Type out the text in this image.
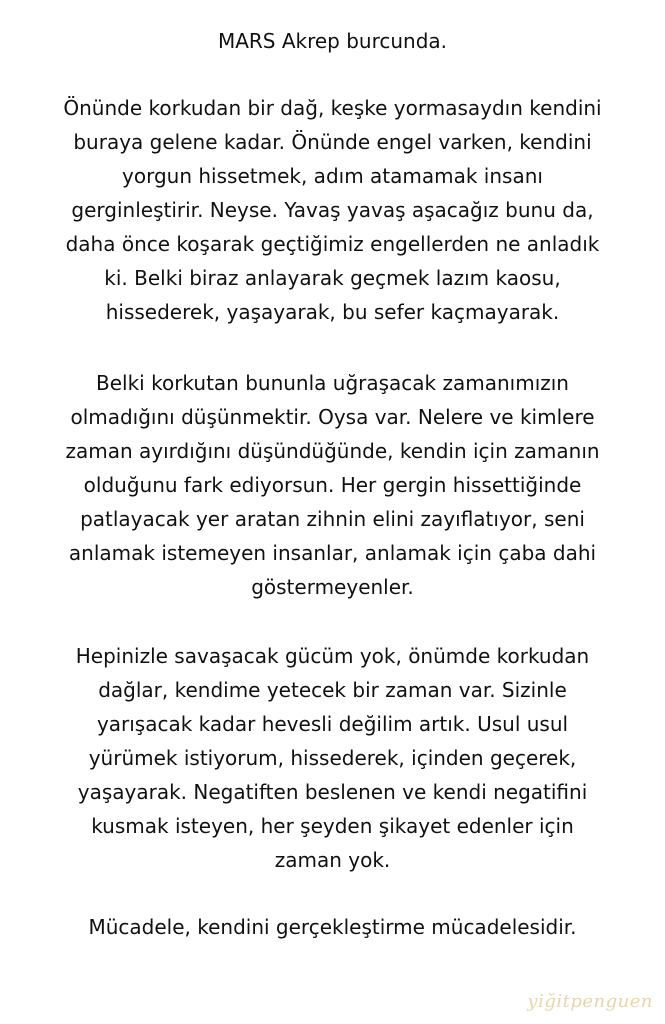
MARS Akrep burcunda.

Önünde korkudan bir dağ, keşke yormasaydın kendini
buraya gelene kadar. Önünde engel varken, kendini
yorgun hissetmek, adım atamamak insanı
gerginleştirir. Neyse. Yavaş yavaş aşacağız bunu da,
daha önce koşarak geçtiğimiz engellerden ne anladık
ki. Belki biraz anlayarak geçmek lazım kaosu,
hissederek, yaşayarak, bu sefer kaçmayarak.

Belki korkutan bununla uğraşacak zamanımızın
olmadığını düşünmektir. Oysa var. Nelere ve kimlere
zaman ayırdığını düşündüğünde, kendin için zamanın
olduğunu fark ediyorsun. Her gergin hissettiğinde
patlayacak yer aratan zihnin elini zayıflatıyor, seni
anlamak istemeyen insanlar, anlamak için çaba dahi
göstermeyenler.

Hepinizle savaşacak gücüm yok, önümde korkudan
dağlar, kendime yetecek bir zaman var. Sizinle
yarışacak kadar hevesli değilim artık. Usul usul
yürümek istiyorum, hissederek, içinden geçerek,
yaşayarak. Negatiften beslenen ve kendi negatifini
kusmak isteyen, her şeyden şikayet edenler için
zaman yok.

Mücadele, kendini gerçekleştirme mücadelesidir.

yiğitpenguen
